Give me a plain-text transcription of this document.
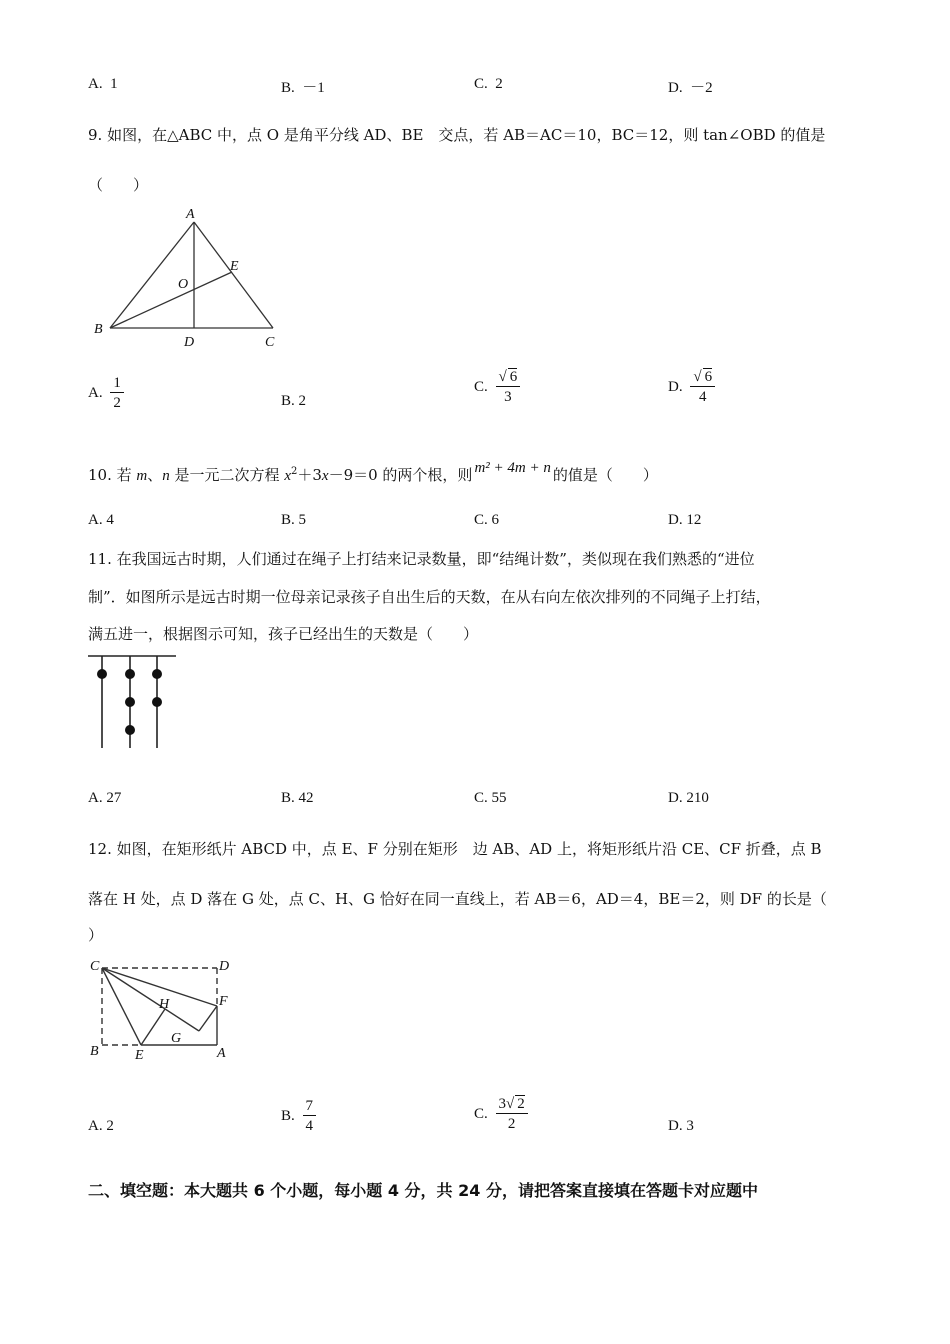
A. 1	B. －1	C. 2	D. －2
9. 如图，在△ABC 中，点 O 是角平分线 AD、BE　交点，若 AB＝AC＝10，BC＝12，则 tan∠OBD 的值是
（　　）
A
B
C
D
E
O
A. $\frac{1}{2}$	B. 2
C. $\frac{√ 6}{3}$	D. $\frac{√ 6}{4}$
10. 若 m、n 是一元二次方程 $x^2+3x-9=0$ 的两个根，则 m² + 4m + n 的值是（　　）
A. 4	B. 5	C. 6	D. 12
11. 在我国远古时期，人们通过在绳子上打结来记录数量，即“结绳计数”，类似现在我们熟悉的“进位
制”．如图所示是远古时期一位母亲记录孩子自出生后的天数，在从右向左依次排列的不同绳子上打结，
满五进一，根据图示可知，孩子已经出生的天数是（　　）
A. 27	B. 42	C. 55	D. 210
12. 如图，在矩形纸片 ABCD 中，点 E、F 分别在矩形　边 AB、AD 上，将矩形纸片沿 CE、CF 折叠，点 B
落在 H 处，点 D 落在 G 处，点 C、H、G 恰好在同一直线上，若 AB＝6，AD＝4，BE＝2，则 DF 的长是（
）
C	D
B	E	A
F
G
H
A. 2
B. $\frac{7}{4}$	C. $\frac{3√ 2}{2}$	D. 3
二、填空题：本大题共 6 个小题，每小题 4 分，共 24 分，请把答案直接填在答题卡对应题中
